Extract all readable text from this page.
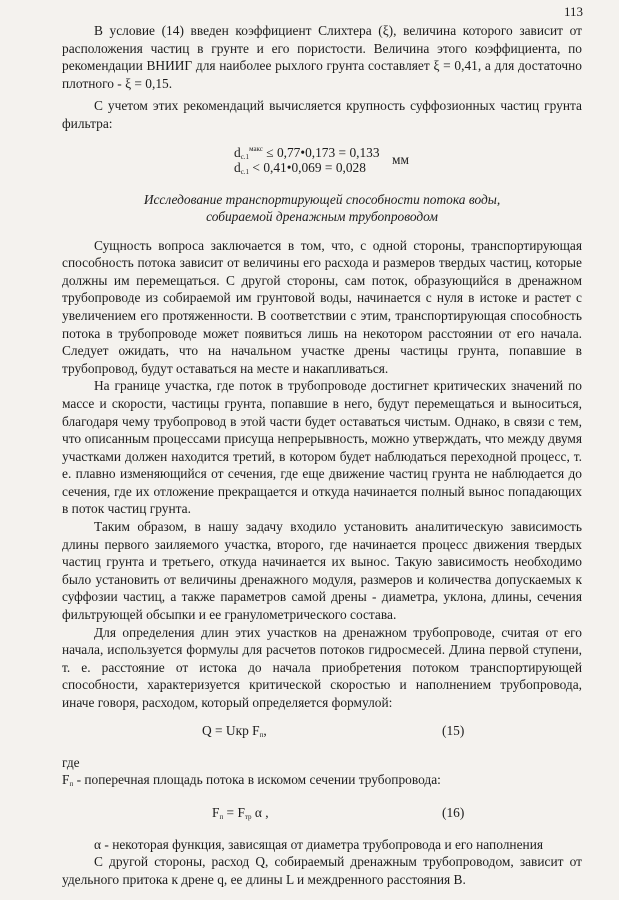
113

В условие (14) введен коэффициент Слихтера (ξ), величина которого зависит от расположения частиц в грунте и его пористости. Величина этого коэффициента, по рекомендации ВНИИГ для наиболее рыхлого грунта составляет ξ = 0,41, а для достаточно плотного - ξ = 0,15.

С учетом этих рекомендаций вычисляется крупность суффозионных частиц грунта фильтра:

$d_{с.1}^{макс}$ ≤ 0,77•0,173 = 0,133
$d_{с.1}$ < 0,41•0,069 = 0,028
мм
Исследование транспортирующей способности потока воды,
собираемой дренажным трубопроводом

Сущность вопроса заключается в том, что, с одной стороны, транспортирующая способность потока зависит от величины его расхода и размеров твердых частиц, которые должны им перемещаться. С другой стороны, сам поток, образующийся в дренажном трубопроводе из собираемой им грунтовой воды, начинается с нуля в истоке и растет с увеличением его протяженности. В соответствии с этим, транспортирующая способность потока в трубопроводе может появиться лишь на некотором расстоянии от его начала. Следует ожидать, что на начальном участке дрены частицы грунта, попавшие в трубопровод, будут оставаться на месте и накапливаться.

На границе участка, где поток в трубопроводе достигнет критических значений по массе и скорости, частицы грунта, попавшие в него, будут перемещаться и выноситься, благодаря чему трубопровод в этой части будет оставаться чистым. Однако, в связи с тем, что описанным процессами присуща непрерывность, можно утверждать, что между двумя участками должен находится третий, в котором будет наблюдаться переходной процесс, т. е. плавно изменяющийся от сечения, где еще движение частиц грунта не наблюдается до сечения, где их отложение прекращается и откуда начинается полный вынос попадающих в поток частиц грунта.

Таким образом, в нашу задачу входило установить аналитическую зависимость длины первого заиляемого участка, второго, где начинается процесс движения твердых частиц грунта и третьего, откуда начинается их вынос. Такую зависимость необходимо было установить от величины дренажного модуля, размеров и количества допускаемых к суффозии частиц, а также параметров самой дрены - диаметра, уклона, длины, сечения фильтрующей обсыпки и ее гранулометрического состава.

Для определения длин этих участков на дренажном трубопроводе, считая от его начала, используется формулы для расчетов потоков гидросмесей. Длина первой ступени, т. е. расстояние от истока до начала приобретения потоком транспортирующей способности, характеризуется критической скоростью и наполнением трубопровода, иначе говоря, расходом, который определяется формулой:

Q = Uкр $F_п$,	(15)

где

$F_п$ - поперечная площадь потока в искомом сечении трубопровода:

$F_п = F_{тр}$ α ,	(16)

α - некоторая функция, зависящая от диаметра трубопровода и его наполнения

С другой стороны, расход Q, собираемый дренажным трубопроводом, зависит от удельного притока к дрене q, ее длины L и междренного расстояния B.
